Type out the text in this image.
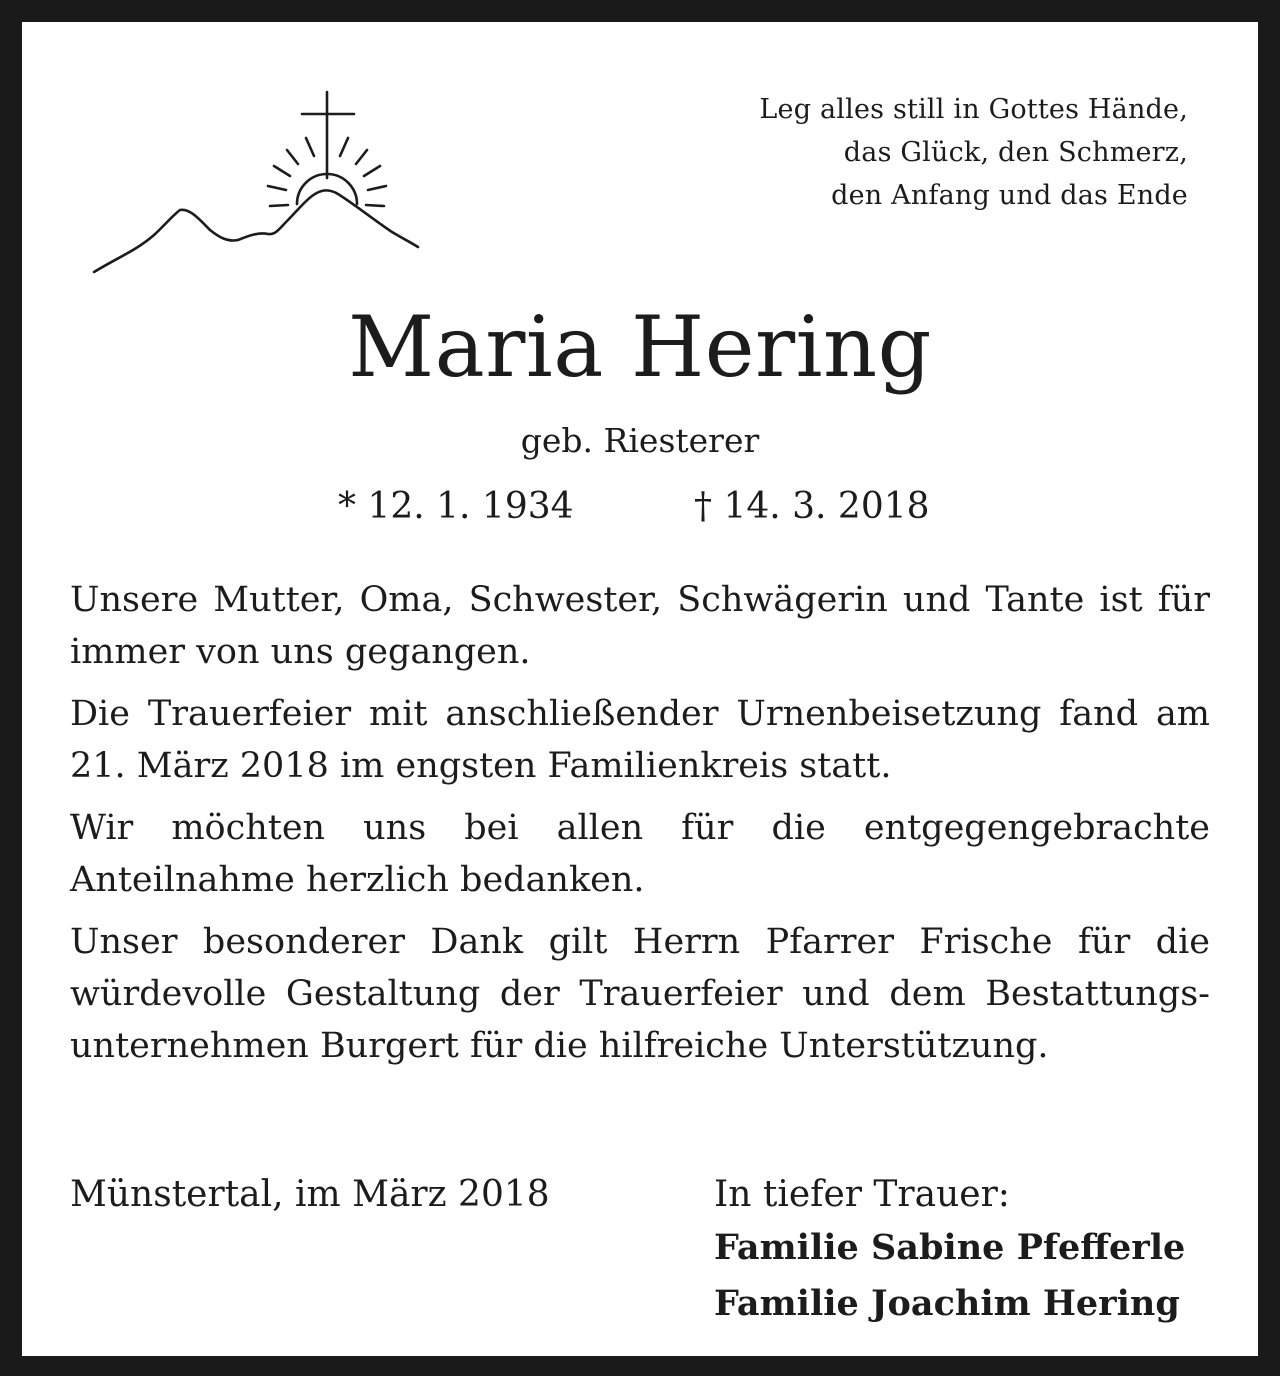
Leg alles still in Gottes Hände,
das Glück, den Schmerz,
den Anfang und das Ende
Maria Hering
geb. Riesterer
* 12. 1. 1934	† 14. 3. 2018

Unsere Mutter, Oma, Schwester, Schwägerin und Tante ist für immer von uns gegangen.

Die Trauerfeier mit anschließender Urnenbeisetzung fand am 21. März 2018 im engsten Familienkreis statt.

Wir möchten uns bei allen für die entgegengebrachte Anteilnahme herzlich bedanken.

Unser besonderer Dank gilt Herrn Pfarrer Frische für die würdevolle Gestaltung der Trauerfeier und dem Bestattungsunternehmen Burgert für die hilfreiche Unterstützung.

Münstertal, im März 2018	In tiefer Trauer:
Familie Sabine Pfefferle
Familie Joachim Hering
